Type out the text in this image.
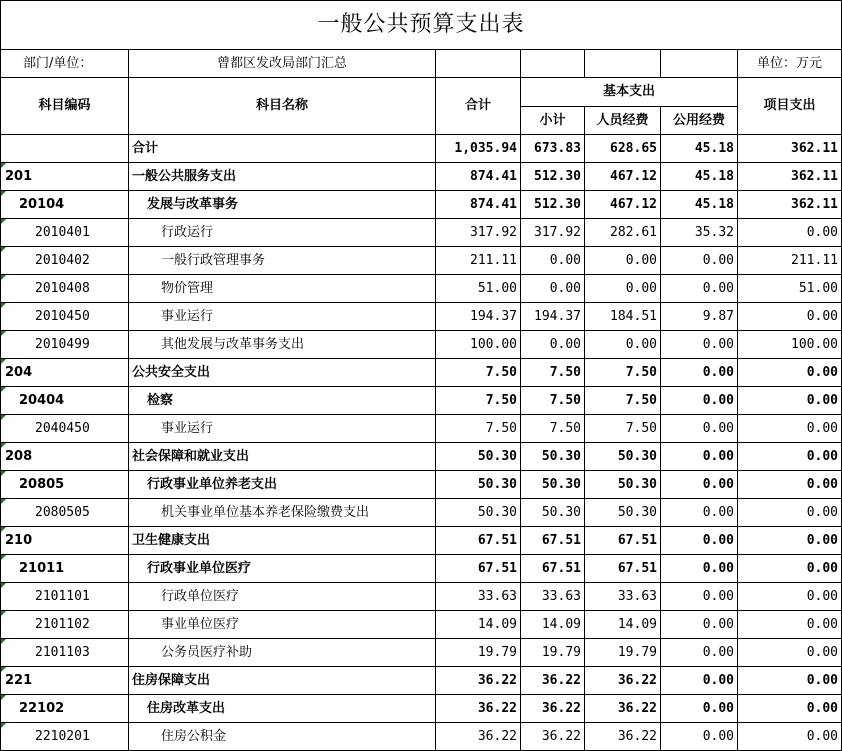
一般公共预算支出表						
部门/单位：	曾都区发改局部门汇总					单位：万元
科目编码	科目名称	合计	基本支出			项目支出
			小计	人员经费	公用经费	
	合计	1,035.94	673.83	628.65	45.18	362.11
201	一般公共服务支出	874.41	512.30	467.12	45.18	362.11
20104	发展与改革事务	874.41	512.30	467.12	45.18	362.11
2010401	行政运行	317.92	317.92	282.61	35.32	0.00
2010402	一般行政管理事务	211.11	0.00	0.00	0.00	211.11
2010408	物价管理	51.00	0.00	0.00	0.00	51.00
2010450	事业运行	194.37	194.37	184.51	9.87	0.00
2010499	其他发展与改革事务支出	100.00	0.00	0.00	0.00	100.00
204	公共安全支出	7.50	7.50	7.50	0.00	0.00
20404	检察	7.50	7.50	7.50	0.00	0.00
2040450	事业运行	7.50	7.50	7.50	0.00	0.00
208	社会保障和就业支出	50.30	50.30	50.30	0.00	0.00
20805	行政事业单位养老支出	50.30	50.30	50.30	0.00	0.00
2080505	机关事业单位基本养老保险缴费支出	50.30	50.30	50.30	0.00	0.00
210	卫生健康支出	67.51	67.51	67.51	0.00	0.00
21011	行政事业单位医疗	67.51	67.51	67.51	0.00	0.00
2101101	行政单位医疗	33.63	33.63	33.63	0.00	0.00
2101102	事业单位医疗	14.09	14.09	14.09	0.00	0.00
2101103	公务员医疗补助	19.79	19.79	19.79	0.00	0.00
221	住房保障支出	36.22	36.22	36.22	0.00	0.00
22102	住房改革支出	36.22	36.22	36.22	0.00	0.00
2210201	住房公积金	36.22	36.22	36.22	0.00	0.00
